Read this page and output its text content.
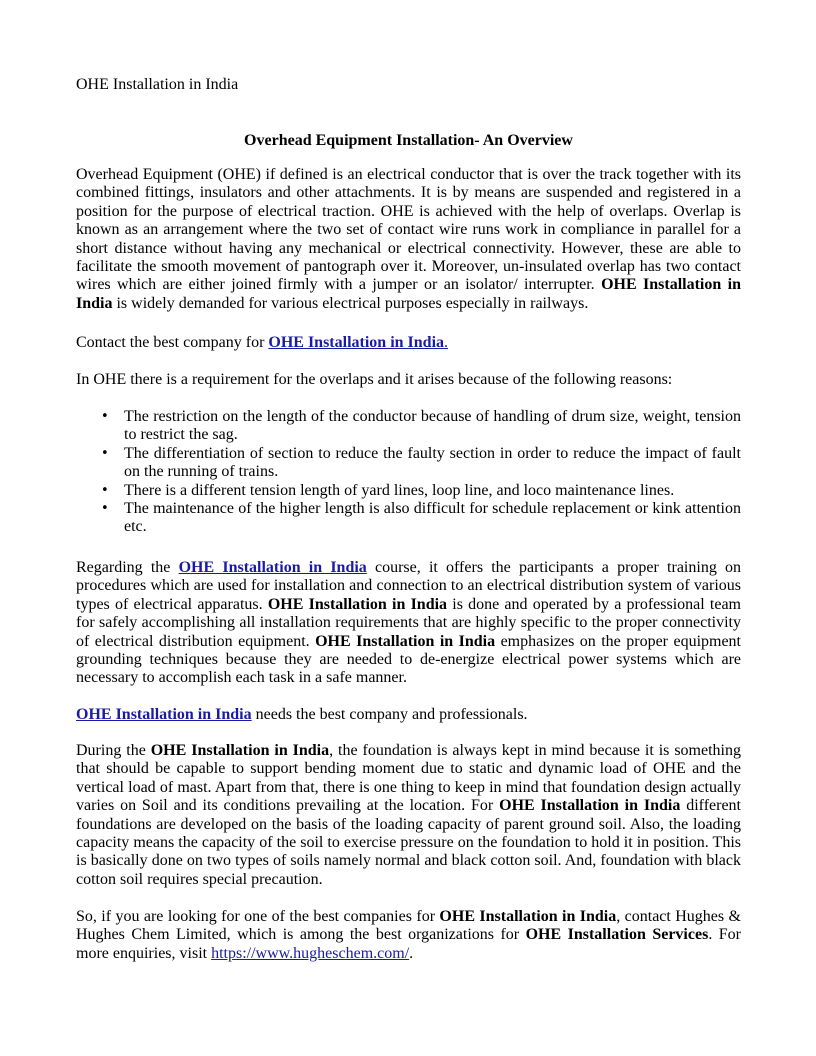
OHE Installation in India
Overhead Equipment Installation- An Overview

Overhead Equipment (OHE) if defined is an electrical conductor that is over the track together with its combined fittings, insulators and other attachments. It is by means are suspended and registered in a position for the purpose of electrical traction. OHE is achieved with the help of overlaps. Overlap is known as an arrangement where the two set of contact wire runs work in compliance in parallel for a short distance without having any mechanical or electrical connectivity. However, these are able to facilitate the smooth movement of pantograph over it. Moreover, un-insulated overlap has two contact wires which are either joined firmly with a jumper or an isolator/ interrupter. OHE Installation in India is widely demanded for various electrical purposes especially in railways.

Contact the best company for OHE Installation in India.

In OHE there is a requirement for the overlaps and it arises because of the following reasons:

• The restriction on the length of the conductor because of handling of drum size, weight, tension to restrict the sag.
• The differentiation of section to reduce the faulty section in order to reduce the impact of fault on the running of trains.
• There is a different tension length of yard lines, loop line, and loco maintenance lines.
• The maintenance of the higher length is also difficult for schedule replacement or kink attention etc.

Regarding the OHE Installation in India course, it offers the participants a proper training on procedures which are used for installation and connection to an electrical distribution system of various types of electrical apparatus. OHE Installation in India is done and operated by a professional team for safely accomplishing all installation requirements that are highly specific to the proper connectivity of electrical distribution equipment. OHE Installation in India emphasizes on the proper equipment grounding techniques because they are needed to de-energize electrical power systems which are necessary to accomplish each task in a safe manner.

OHE Installation in India needs the best company and professionals.

During the OHE Installation in India, the foundation is always kept in mind because it is something that should be capable to support bending moment due to static and dynamic load of OHE and the vertical load of mast. Apart from that, there is one thing to keep in mind that foundation design actually varies on Soil and its conditions prevailing at the location. For OHE Installation in India different foundations are developed on the basis of the loading capacity of parent ground soil. Also, the loading capacity means the capacity of the soil to exercise pressure on the foundation to hold it in position. This is basically done on two types of soils namely normal and black cotton soil. And, foundation with black cotton soil requires special precaution.

So, if you are looking for one of the best companies for OHE Installation in India, contact Hughes & Hughes Chem Limited, which is among the best organizations for OHE Installation Services. For more enquiries, visit https://www.hugheschem.com/.
